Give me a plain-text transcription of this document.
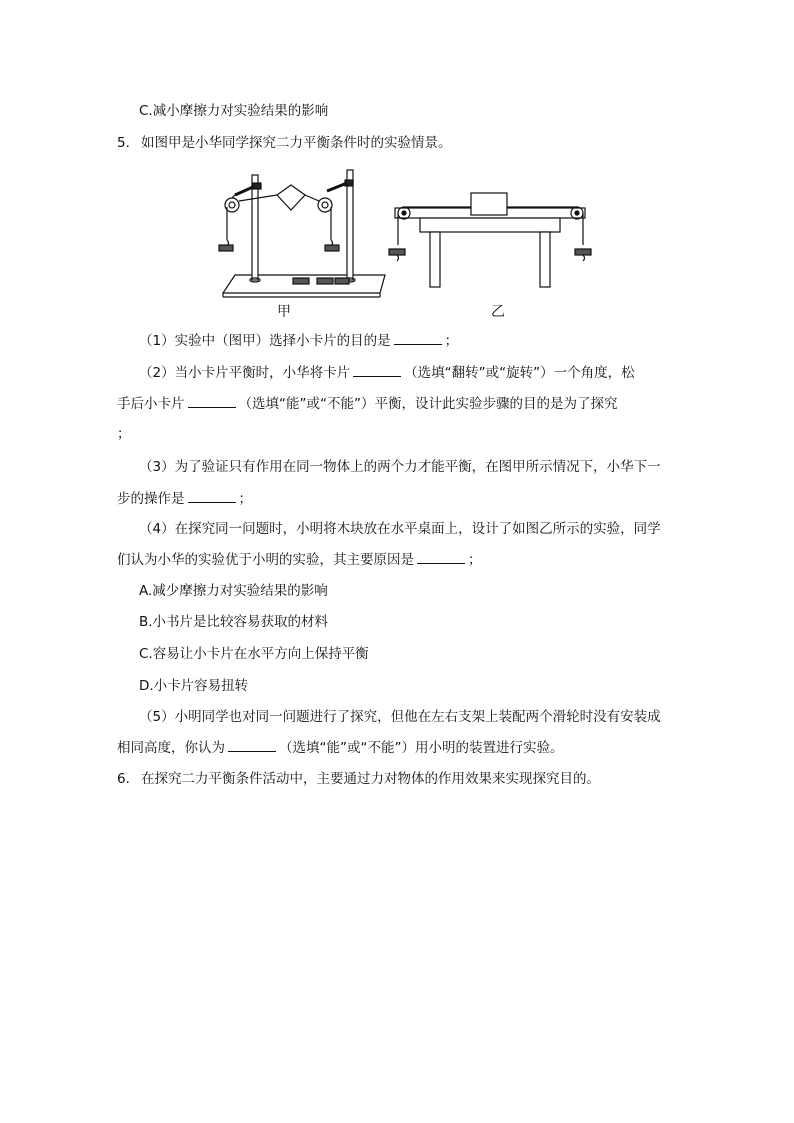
C.减小摩擦力对实验结果的影响
5． 如图甲是小华同学探究二力平衡条件时的实验情景。
甲	乙
（1）实验中（图甲）选择小卡片的目的是	；
（2）当小卡片平衡时，小华将卡片	（选填“翻转”或“旋转”）一个角度，松
手后小卡片	（选填“能”或“不能”）平衡，设计此实验步骤的目的是为了探究
；
（3）为了验证只有作用在同一物体上的两个力才能平衡，在图甲所示情况下，小华下一
步的操作是	；
（4）在探究同一问题时，小明将木块放在水平桌面上，设计了如图乙所示的实验，同学
们认为小华的实验优于小明的实验，其主要原因是	；
A.减少摩擦力对实验结果的影响
B.小书片是比较容易获取的材料
C.容易让小卡片在水平方向上保持平衡
D.小卡片容易扭转
（5）小明同学也对同一问题进行了探究，但他在左右支架上装配两个滑轮时没有安装成
相同高度，你认为	（选填“能”或“不能”）用小明的装置进行实验。
6． 在探究二力平衡条件活动中，主要通过力对物体的作用效果来实现探究目的。
